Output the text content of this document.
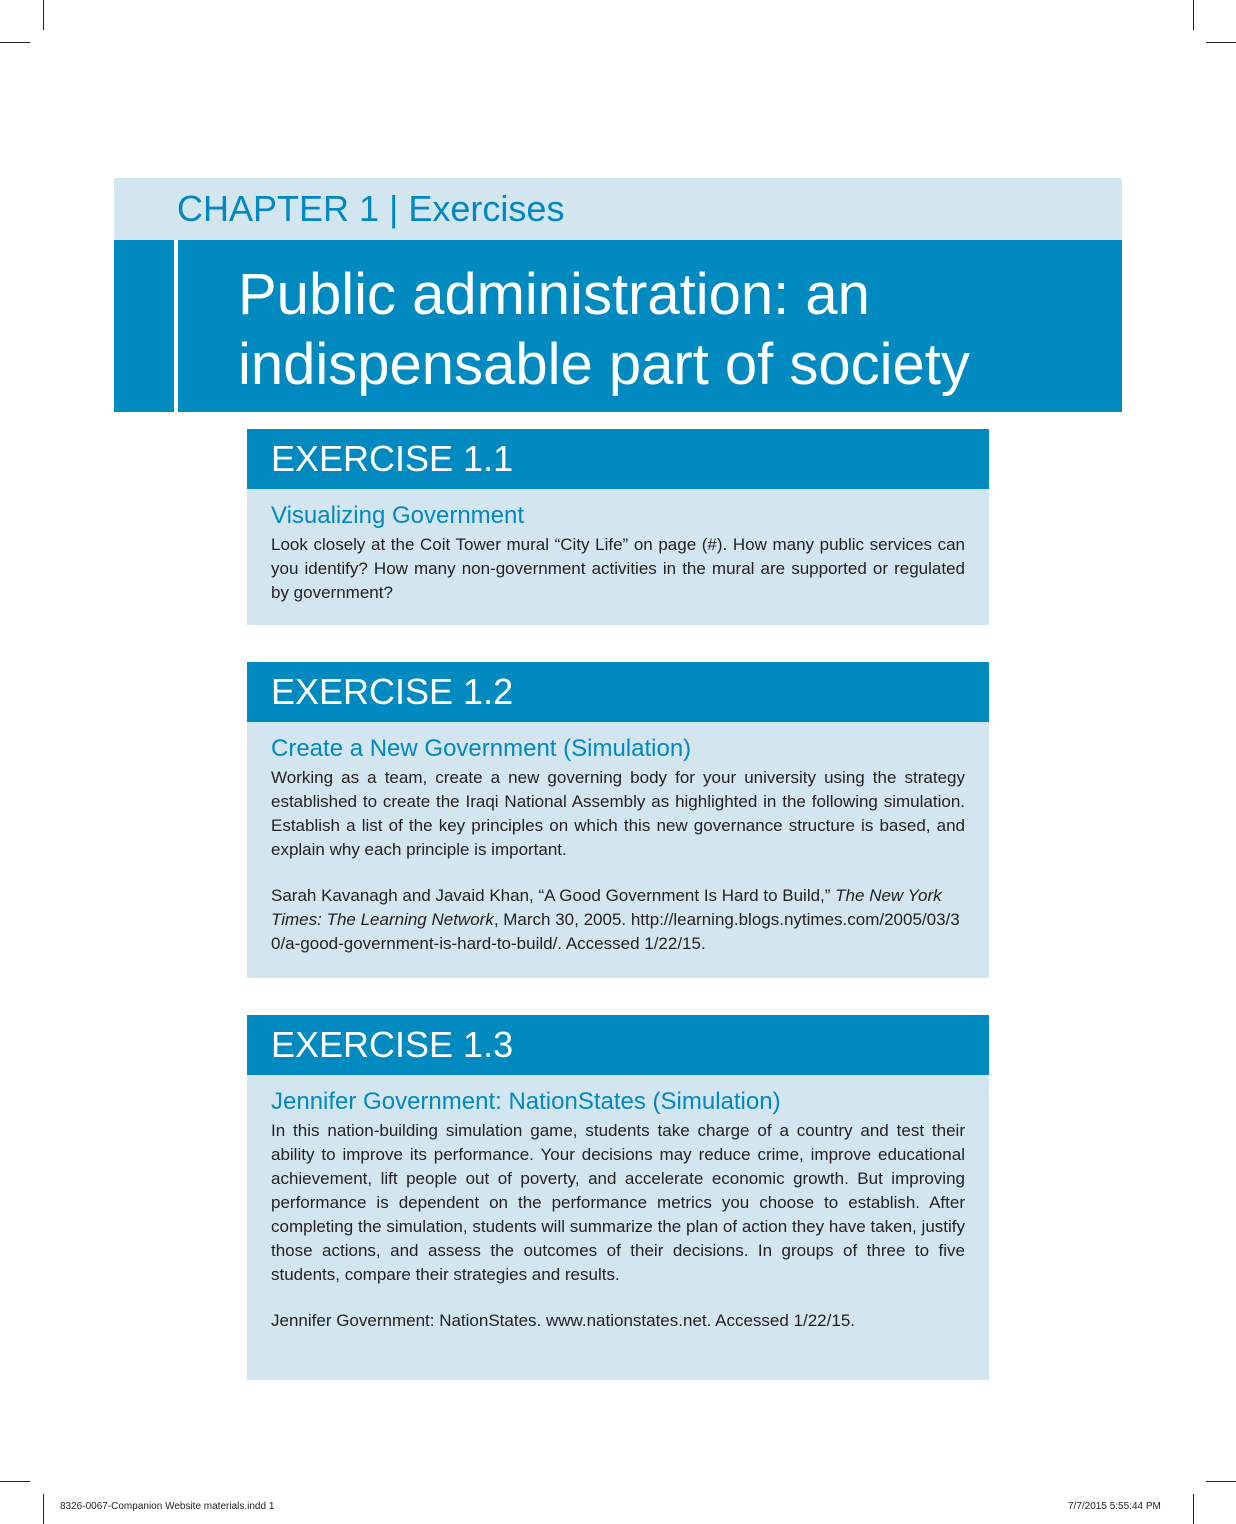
CHAPTER 1 | Exercises
Public administration: an indispensable part of society
EXERCISE 1.1
Visualizing Government

Look closely at the Coit Tower mural “City Life” on page (#). How many public services can you identify? How many non-government activities in the mural are supported or regulated by government?

EXERCISE 1.2
Create a New Government (Simulation)

Working as a team, create a new governing body for your university using the strategy established to create the Iraqi National Assembly as highlighted in the following simulation. Establish a list of the key principles on which this new governance structure is based, and explain why each principle is important.

Sarah Kavanagh and Javaid Khan, “A Good Government Is Hard to Build,” The New York Times: The Learning Network, March 30, 2005. http://learning.blogs.nytimes.com/2005/03/30/a-good-government-is-hard-to-build/. Accessed 1/22/15.

EXERCISE 1.3
Jennifer Government: NationStates (Simulation)

In this nation-building simulation game, students take charge of a country and test their ability to improve its performance. Your decisions may reduce crime, improve educational achievement, lift people out of poverty, and accelerate economic growth. But improving performance is dependent on the performance metrics you choose to establish. After completing the simulation, students will summarize the plan of action they have taken, justify those actions, and assess the outcomes of their decisions. In groups of three to five students, compare their strategies and results.

Jennifer Government: NationStates. www.nationstates.net. Accessed 1/22/15.

8326-0067-Companion Website materials.indd 1	7/7/2015 5:55:44 PM
